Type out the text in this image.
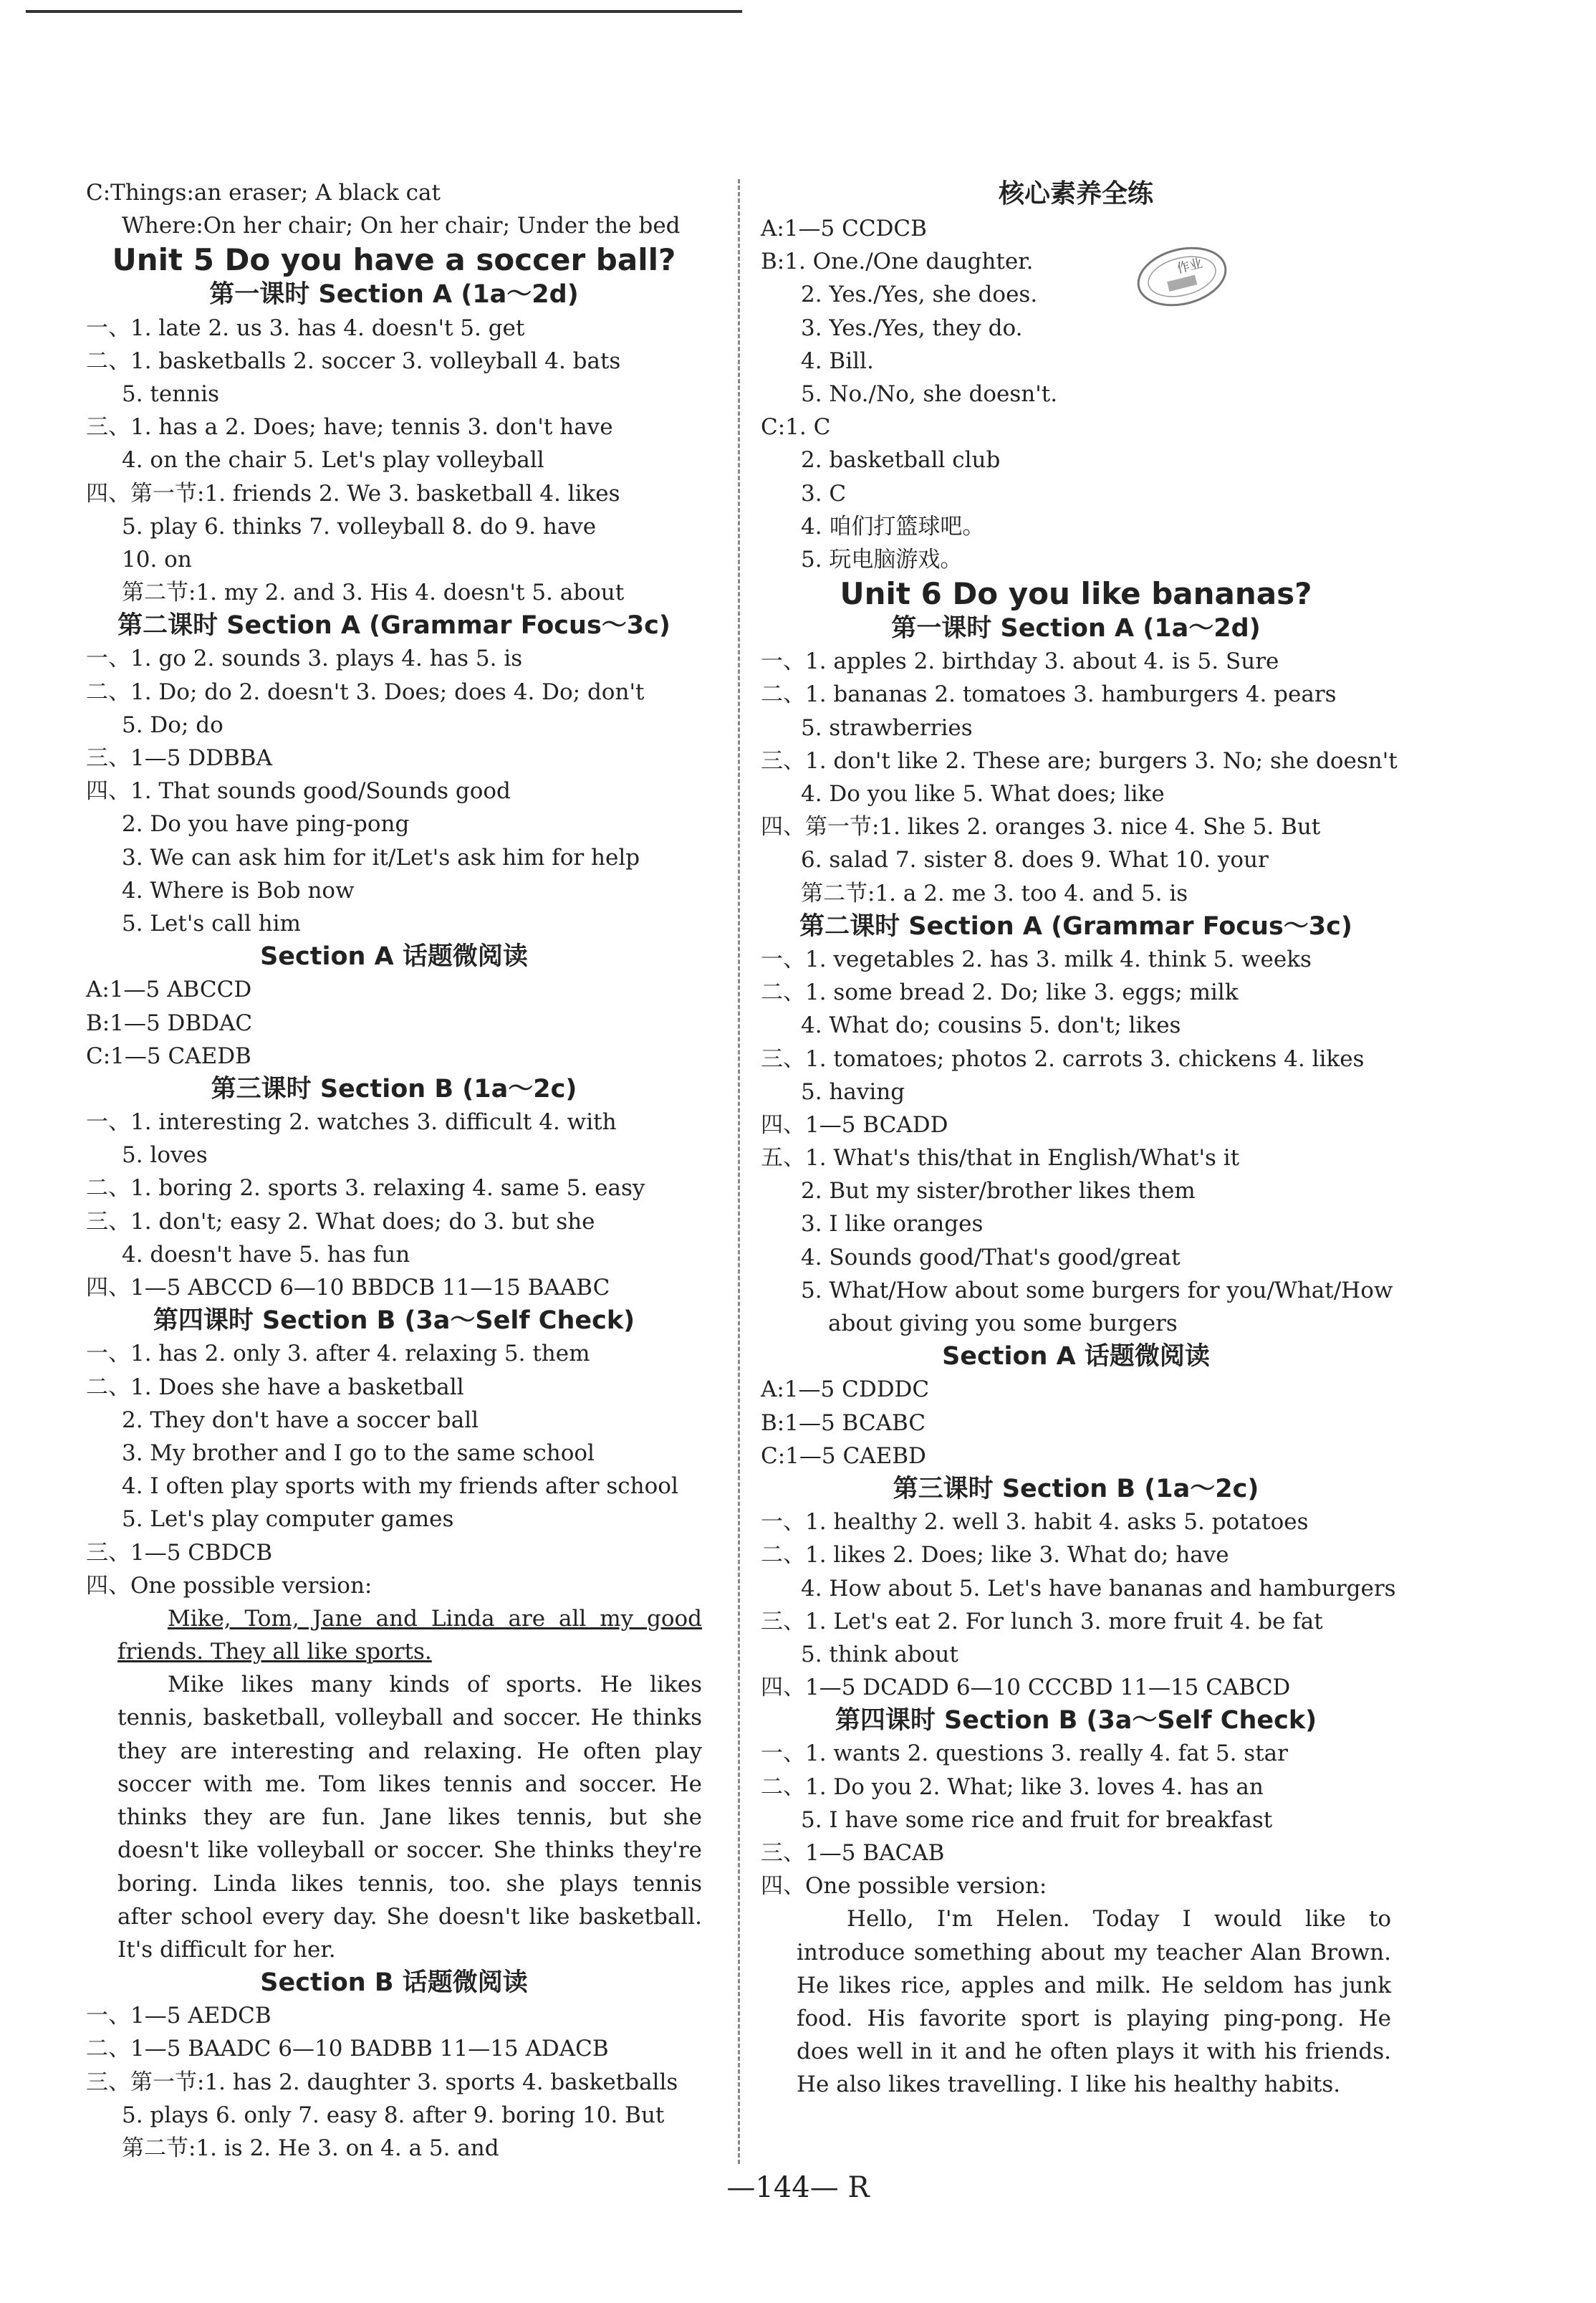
C:Things:an eraser; A black cat
Where:On her chair; On her chair; Under the bed
Unit 5 Do you have a soccer ball?
第一课时 Section A (1a～2d)
一、1. late 2. us 3. has 4. doesn't 5. get
二、1. basketballs 2. soccer 3. volleyball 4. bats
5. tennis
三、1. has a 2. Does; have; tennis 3. don't have
4. on the chair 5. Let's play volleyball
四、第一节:1. friends 2. We 3. basketball 4. likes
5. play 6. thinks 7. volleyball 8. do 9. have
10. on
第二节:1. my 2. and 3. His 4. doesn't 5. about
第二课时 Section A (Grammar Focus～3c)
一、1. go 2. sounds 3. plays 4. has 5. is
二、1. Do; do 2. doesn't 3. Does; does 4. Do; don't
5. Do; do
三、1—5 DDBBA
四、1. That sounds good/Sounds good
2. Do you have ping-pong
3. We can ask him for it/Let's ask him for help
4. Where is Bob now
5. Let's call him
Section A 话题微阅读
A:1—5 ABCCD
B:1—5 DBDAC
C:1—5 CAEDB
第三课时 Section B (1a～2c)
一、1. interesting 2. watches 3. difficult 4. with
5. loves
二、1. boring 2. sports 3. relaxing 4. same 5. easy
三、1. don't; easy 2. What does; do 3. but she
4. doesn't have 5. has fun
四、1—5 ABCCD 6—10 BBDCB 11—15 BAABC
第四课时 Section B (3a～Self Check)
一、1. has 2. only 3. after 4. relaxing 5. them
二、1. Does she have a basketball
2. They don't have a soccer ball
3. My brother and I go to the same school
4. I often play sports with my friends after school
5. Let's play computer games
三、1—5 CBDCB
四、One possible version:
Mike, Tom, Jane and Linda are all my good friends. They all like sports.
Mike likes many kinds of sports. He likes tennis, basketball, volleyball and soccer. He thinks they are interesting and relaxing. He often play soccer with me. Tom likes tennis and soccer. He thinks they are fun. Jane likes tennis, but she doesn't like volleyball or soccer. She thinks they're boring. Linda likes tennis, too. she plays tennis after school every day. She doesn't like basketball. It's difficult for her.
Section B 话题微阅读
一、1—5 AEDCB
二、1—5 BAADC 6—10 BADBB 11—15 ADACB
三、第一节:1. has 2. daughter 3. sports 4. basketballs
5. plays 6. only 7. easy 8. after 9. boring 10. But
第二节:1. is 2. He 3. on 4. a 5. and
核心素养全练
A:1—5 CCDCB
B:1. One./One daughter.
2. Yes./Yes, she does.
3. Yes./Yes, they do.
4. Bill.
5. No./No, she doesn't.
C:1. C
2. basketball club
3. C
4. 咱们打篮球吧。
5. 玩电脑游戏。
Unit 6 Do you like bananas?
第一课时 Section A (1a～2d)
一、1. apples 2. birthday 3. about 4. is 5. Sure
二、1. bananas 2. tomatoes 3. hamburgers 4. pears
5. strawberries
三、1. don't like 2. These are; burgers 3. No; she doesn't
4. Do you like 5. What does; like
四、第一节:1. likes 2. oranges 3. nice 4. She 5. But
6. salad 7. sister 8. does 9. What 10. your
第二节:1. a 2. me 3. too 4. and 5. is
第二课时 Section A (Grammar Focus～3c)
一、1. vegetables 2. has 3. milk 4. think 5. weeks
二、1. some bread 2. Do; like 3. eggs; milk
4. What do; cousins 5. don't; likes
三、1. tomatoes; photos 2. carrots 3. chickens 4. likes
5. having
四、1—5 BCADD
五、1. What's this/that in English/What's it
2. But my sister/brother likes them
3. I like oranges
4. Sounds good/That's good/great
5. What/How about some burgers for you/What/How
about giving you some burgers
Section A 话题微阅读
A:1—5 CDDDC
B:1—5 BCABC
C:1—5 CAEBD
第三课时 Section B (1a～2c)
一、1. healthy 2. well 3. habit 4. asks 5. potatoes
二、1. likes 2. Does; like 3. What do; have
4. How about 5. Let's have bananas and hamburgers
三、1. Let's eat 2. For lunch 3. more fruit 4. be fat
5. think about
四、1—5 DCADD 6—10 CCCBD 11—15 CABCD
第四课时 Section B (3a～Self Check)
一、1. wants 2. questions 3. really 4. fat 5. star
二、1. Do you 2. What; like 3. loves 4. has an
5. I have some rice and fruit for breakfast
三、1—5 BACAB
四、One possible version:
Hello, I'm Helen. Today I would like to introduce something about my teacher Alan Brown. He likes rice, apples and milk. He seldom has junk food. His favorite sport is playing ping-pong. He does well in it and he often plays it with his friends. He also likes travelling. I like his healthy habits.
作业
—144— R
